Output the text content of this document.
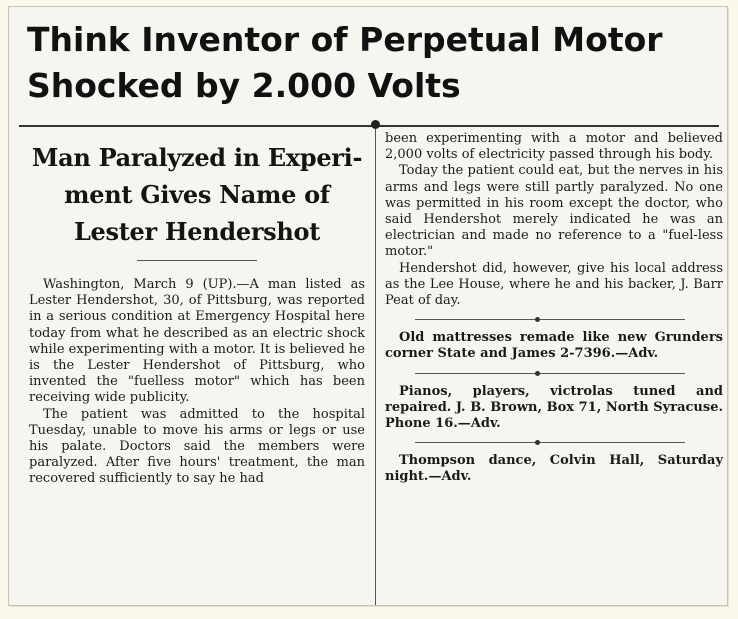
Think Inventor of Perpetual Motor
Shocked by 2.000 Volts
Man Paralyzed in Experi-
ment Gives Name of
Lester Hendershot

Washington, March 9 (UP).—A man listed as Lester Hendershot, 30, of Pittsburg, was reported in a serious condition at Emergency Hospital here today from what he described as an electric shock while experimenting with a motor. It is believed he is the Lester Hendershot of Pittsburg, who invented the "fuelless motor" which has been receiving wide publicity.

The patient was admitted to the hospital Tuesday, unable to move his arms or legs or use his palate. Doctors said the members were paralyzed. After five hours' treatment, the man recovered sufficiently to say he had

been experimenting with a motor and believed 2,000 volts of electricity passed through his body.

Today the patient could eat, but the nerves in his arms and legs were still partly paralyzed. No one was permitted in his room except the doctor, who said Hendershot merely indicated he was an electrician and made no reference to a "fuel-less motor."

Hendershot did, however, give his local address as the Lee House, where he and his backer, J. Barr Peat of day.

Old mattresses remade like new Grunders corner State and James 2-7396.—Adv.

Pianos, players, victrolas tuned and repaired. J. B. Brown, Box 71, North Syracuse. Phone 16.—Adv.

Thompson dance, Colvin Hall, Saturday night.—Adv.
